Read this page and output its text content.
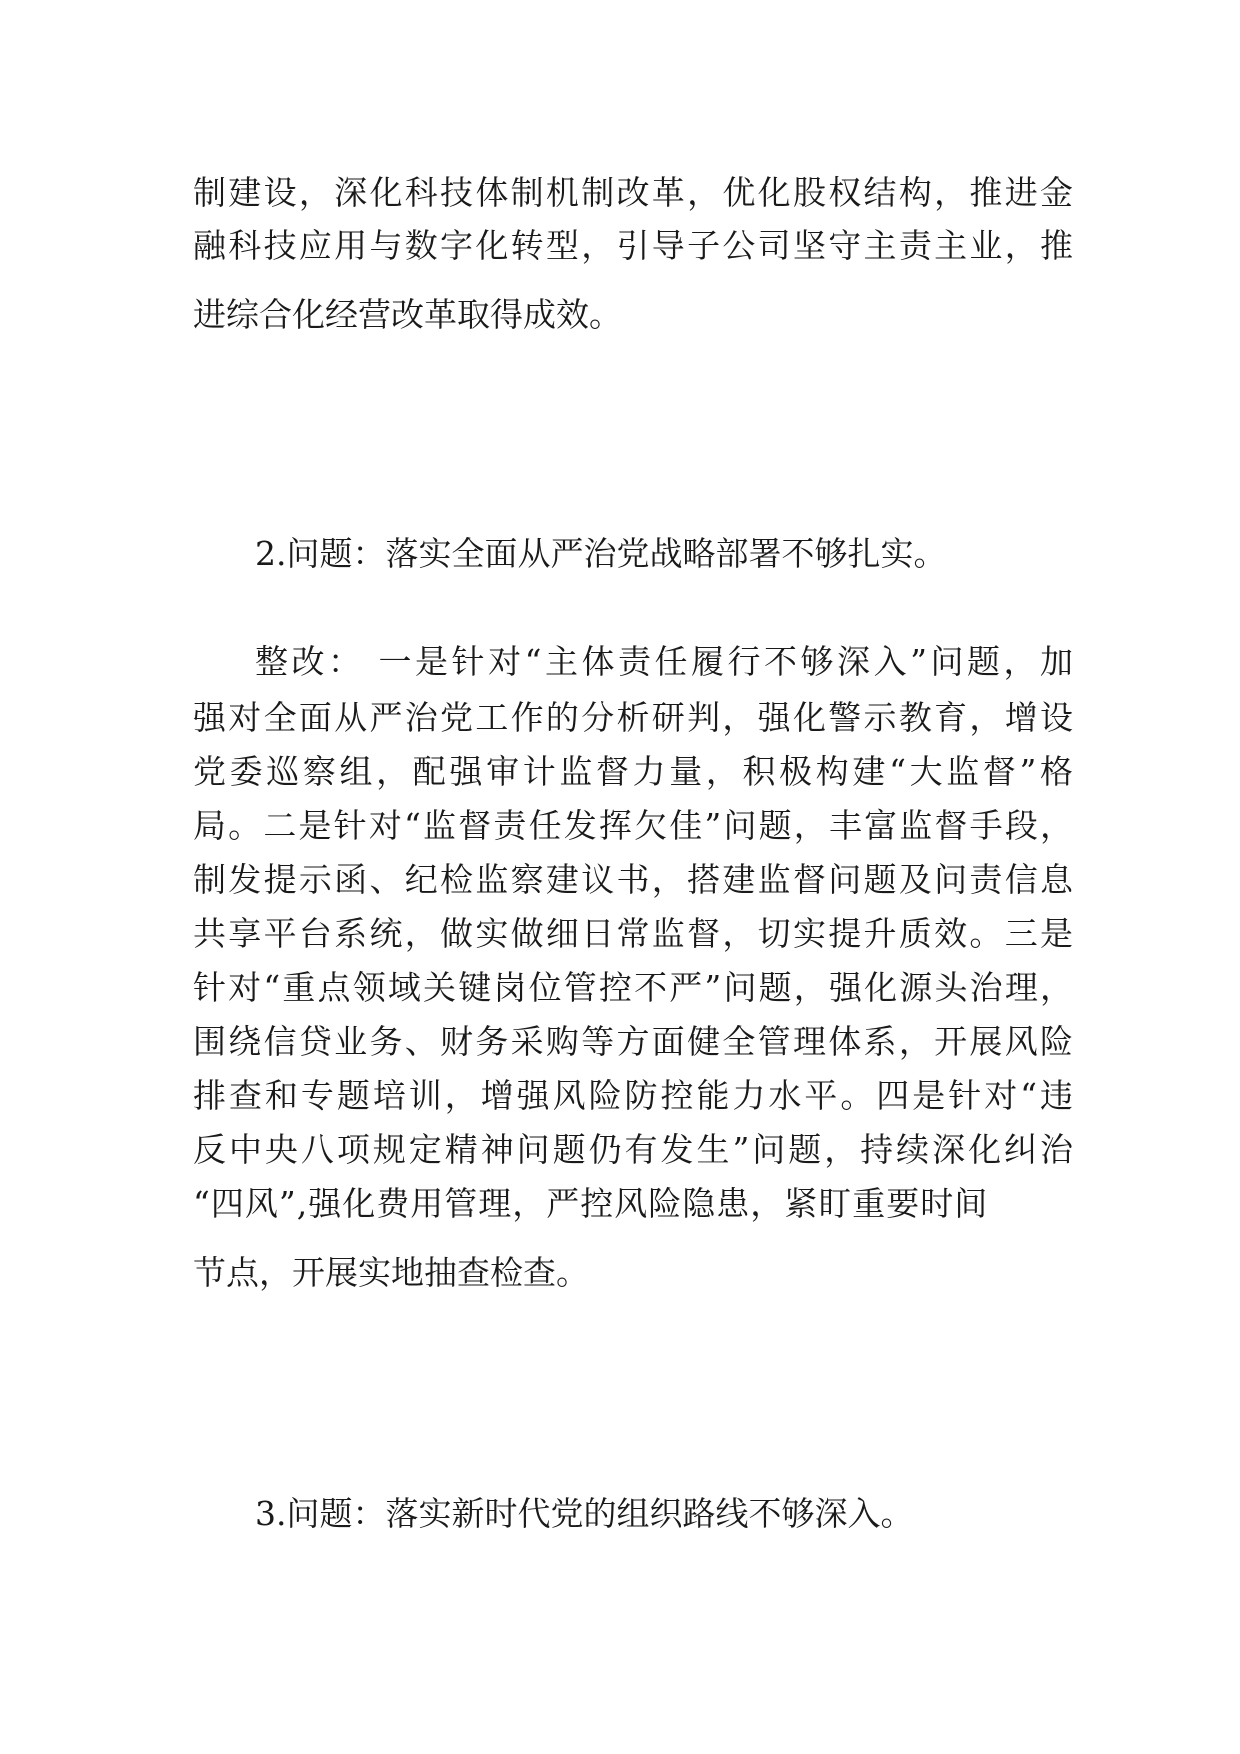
制建设，深化科技体制机制改革，优化股权结构，推进金
融科技应用与数字化转型，引导子公司坚守主责主业，推
进综合化经营改革取得成效。
2.问题：落实全面从严治党战略部署不够扎实。
整改： 一是针对“主体责任履行不够深入”问题，加
强对全面从严治党工作的分析研判，强化警示教育，增设
党委巡察组，配强审计监督力量，积极构建“大监督”格
局。二是针对“监督责任发挥欠佳”问题，丰富监督手段，
制发提示函、纪检监察建议书，搭建监督问题及问责信息
共享平台系统，做实做细日常监督，切实提升质效。三是
针对“重点领域关键岗位管控不严”问题，强化源头治理，
围绕信贷业务、财务采购等方面健全管理体系，开展风险
排查和专题培训，增强风险防控能力水平。四是针对“违
反中央八项规定精神问题仍有发生”问题，持续深化纠治
“四风”,强化费用管理，严控风险隐患，紧盯重要时间
节点，开展实地抽查检查。
3.问题：落实新时代党的组织路线不够深入。
